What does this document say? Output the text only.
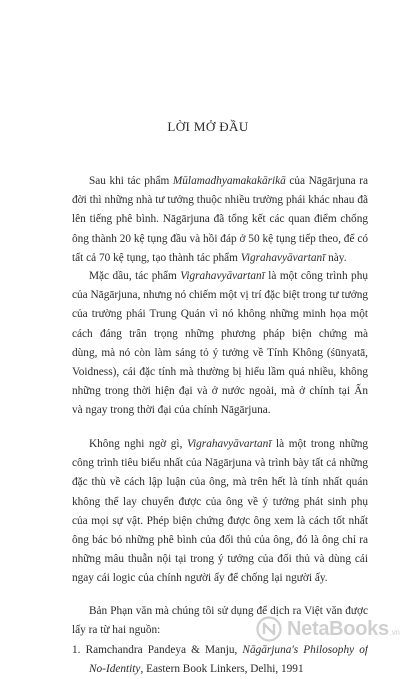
LỜI MỞ ĐẦU
Sau khi tác phẩm Mūlamadhyamakakārikā của Nāgārjuna ra
đời thì những nhà tư tưởng thuộc nhiều trường phái khác nhau đã
lên tiếng phê bình. Nāgārjuna đã tổng kết các quan điểm chống
ông thành 20 kệ tụng đầu và hồi đáp ở 50 kệ tụng tiếp theo, để có
tất cả 70 kệ tụng, tạo thành tác phẩm Vigrahavyāvartanī này.
Mặc dầu, tác phẩm Vigrahavyāvartanī là một công trình phụ
của Nāgārjuna, nhưng nó chiếm một vị trí đặc biệt trong tư tưởng
của trường phái Trung Quán vì nó không những minh họa một
cách đáng trân trọng những phương pháp biện chứng mà
dùng, mà nó còn làm sáng tỏ ý tưởng về Tính Không (śūnyatā,
Voidness), cái đặc tính mà thường bị hiểu lầm quá nhiều, không
những trong thời hiện đại và ở nước ngoài, mà ở chính tại Ấn
và ngay trong thời đại của chính Nāgārjuna.
Không nghi ngờ gì, Vigrahavyāvartanī là một trong những
công trình tiêu biểu nhất của Nāgārjuna và trình bày tất cả những
đặc thù về cách lập luận của ông, mà trên hết là tính nhất quán
không thể lay chuyển được của ông về ý tưởng phát sinh phụ
của mọi sự vật. Phép biện chứng được ông xem là cách tốt nhất
ông bác bỏ những phê bình của đối thủ của ông, đó là ông chỉ ra
những mâu thuẫn nội tại trong ý tưởng của đối thủ và dùng cái
ngay cái logic của chính người ấy để chống lại người ấy.
Bản Phạn văn mà chúng tôi sử dụng để dịch ra Việt văn được
lấy ra từ hai nguồn:
1. Ramchandra Pandeya & Manju, Nāgārjuna's Philosophy of
No-Identity, Eastern Book Linkers, Delhi, 1991
NetaBooks.vn
